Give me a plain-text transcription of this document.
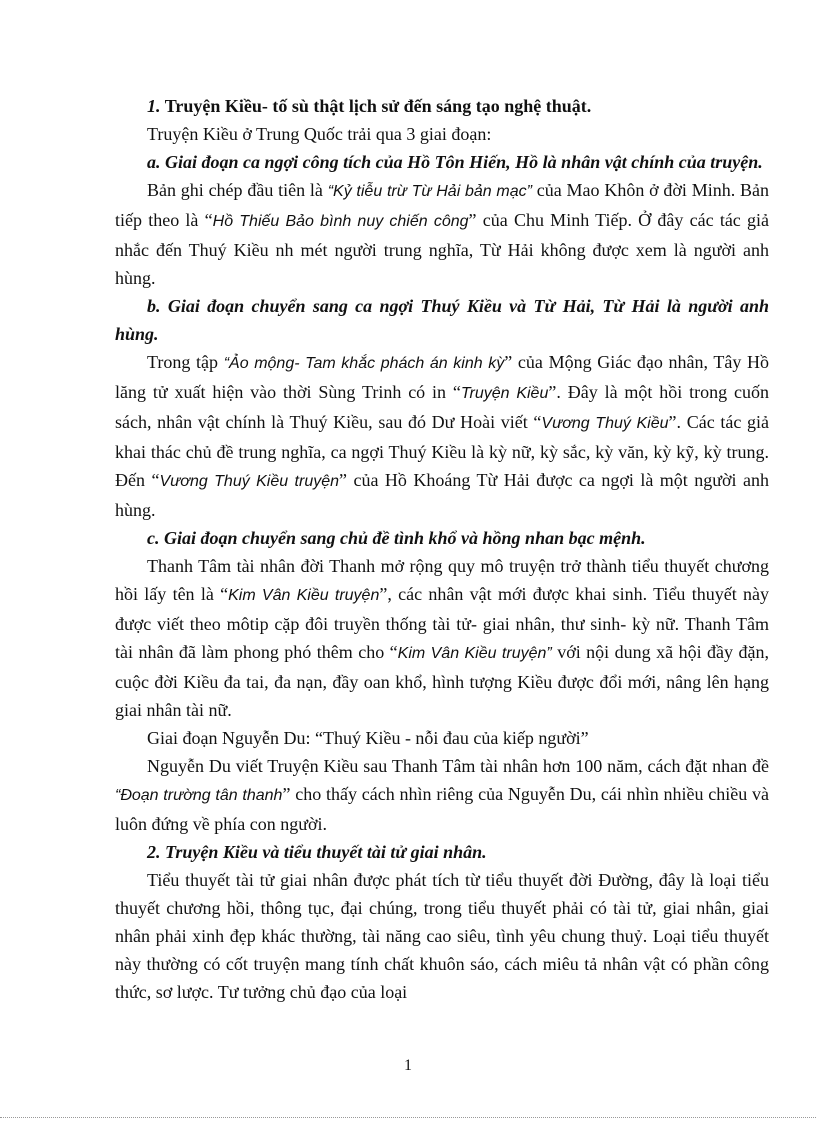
1. Truyện Kiều- tố sù thật lịch sử đến sáng tạo nghệ thuật.

Truyện Kiều ở Trung Quốc trải qua 3 giai đoạn:

a. Giai đoạn ca ngợi công tích của Hồ Tôn Hiến, Hồ là nhân vật chính của truyện.

Bản ghi chép đầu tiên là “Kỷ tiễu trừ Từ Hải bản mạc” của Mao Khôn ở đời Minh. Bản tiếp theo là “Hồ Thiếu Bảo bình nuy chiến công” của Chu Minh Tiếp. Ở đây các tác giả nhắc đến Thuý Kiều nh mét người trung nghĩa, Từ Hải không được xem là người anh hùng.

b. Giai đoạn chuyển sang ca ngợi Thuý Kiều và Từ Hải, Từ Hải là người anh hùng.

Trong tập “Ảo mộng- Tam khắc phách án kinh kỳ” của Mộng Giác đạo nhân, Tây Hồ lăng tử xuất hiện vào thời Sùng Trinh có in “Truyện Kiều”. Đây là một hồi trong cuốn sách, nhân vật chính là Thuý Kiều, sau đó Dư Hoài viết “Vương Thuý Kiều”. Các tác giả khai thác chủ đề trung nghĩa, ca ngợi Thuý Kiều là kỳ nữ, kỳ sắc, kỳ văn, kỳ kỹ, kỳ trung. Đến “Vương Thuý Kiều truyện” của Hồ Khoáng Từ Hải được ca ngợi là một người anh hùng.

c. Giai đoạn chuyển sang chủ đề tình khổ và hồng nhan bạc mệnh.

Thanh Tâm tài nhân đời Thanh mở rộng quy mô truyện trở thành tiểu thuyết chương hồi lấy tên là “Kim Vân Kiều truyện”, các nhân vật mới được khai sinh. Tiểu thuyết này được viết theo môtip cặp đôi truyền thống tài tử- giai nhân, thư sinh- kỳ nữ. Thanh Tâm tài nhân đã làm phong phó thêm cho “Kim Vân Kiều truyện” với nội dung xã hội đầy đặn, cuộc đời Kiều đa tai, đa nạn, đầy oan khổ, hình tượng Kiều được đổi mới, nâng lên hạng giai nhân tài nữ.

Giai đoạn Nguyễn Du: “Thuý Kiều - nỗi đau của kiếp người”

Nguyễn Du viết Truyện Kiều sau Thanh Tâm tài nhân hơn 100 năm, cách đặt nhan đề “Đoạn trường tân thanh” cho thấy cách nhìn riêng của Nguyễn Du, cái nhìn nhiều chiều và luôn đứng về phía con người.

2. Truyện Kiều và tiểu thuyết tài tử giai nhân.

Tiểu thuyết tài tử giai nhân được phát tích từ tiểu thuyết đời Đường, đây là loại tiểu thuyết chương hồi, thông tục, đại chúng, trong tiểu thuyết phải có tài tử, giai nhân, giai nhân phải xinh đẹp khác thường, tài năng cao siêu, tình yêu chung thuỷ. Loại tiểu thuyết này thường có cốt truyện mang tính chất khuôn sáo, cách miêu tả nhân vật có phần công thức, sơ lược. Tư tưởng chủ đạo của loại

1
